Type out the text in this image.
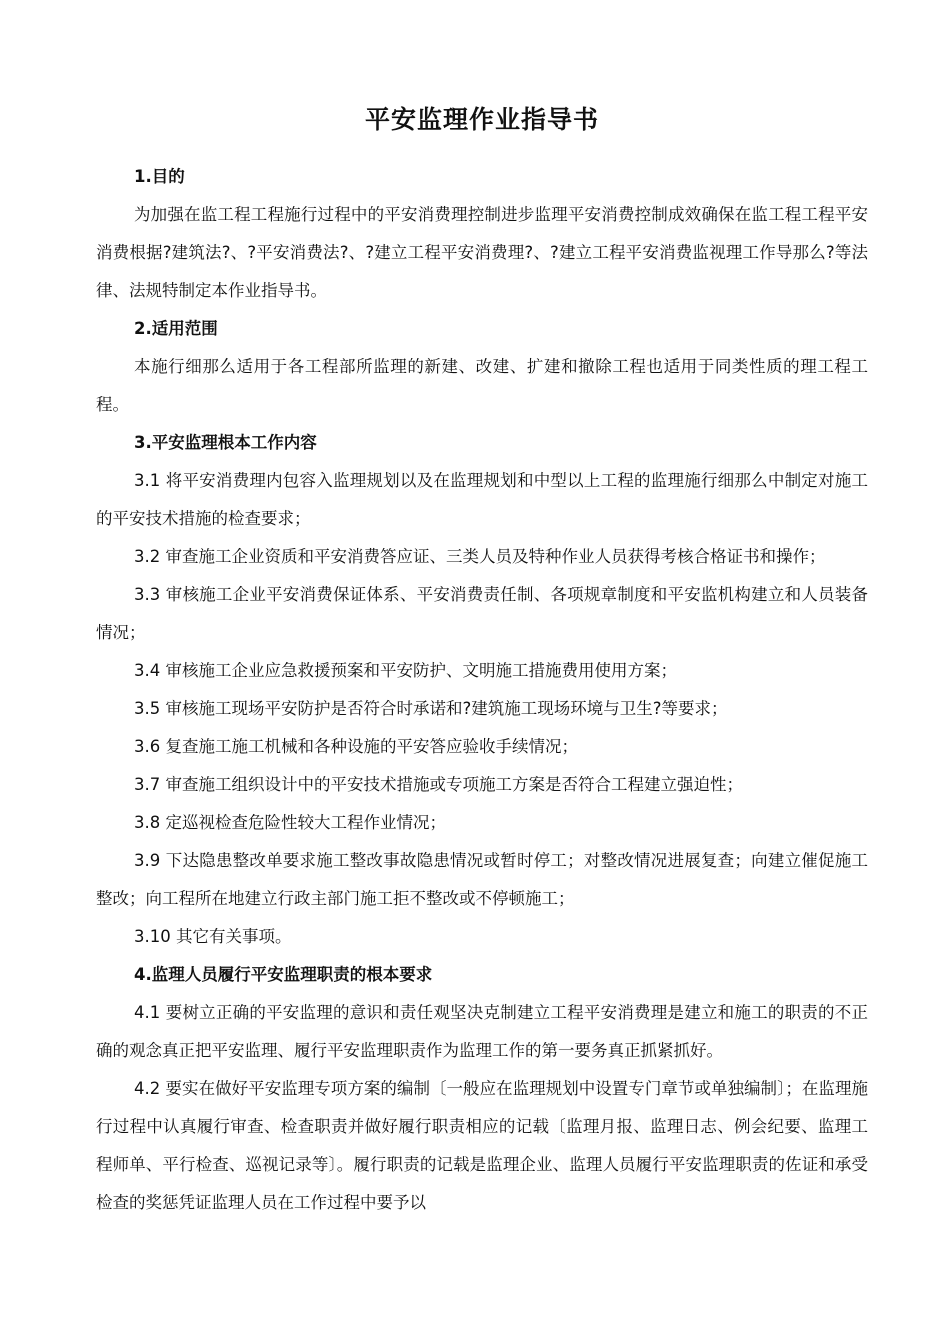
平安监理作业指导书

1.目的

为加强在监工程工程施行过程中的平安消费理控制进步监理平安消费控制成效确保在监工程工程平安消费根据?建筑法?、?平安消费法?、?建立工程平安消费理?、?建立工程平安消费监视理工作导那么?等法律、法规特制定本作业指导书。

2.适用范围

本施行细那么适用于各工程部所监理的新建、改建、扩建和撤除工程也适用于同类性质的理工程工程。

3.平安监理根本工作内容

3.1 将平安消费理内包容入监理规划以及在监理规划和中型以上工程的监理施行细那么中制定对施工的平安技术措施的检查要求；

3.2 审查施工企业资质和平安消费答应证、三类人员及特种作业人员获得考核合格证书和操作；

3.3 审核施工企业平安消费保证体系、平安消费责任制、各项规章制度和平安监机构建立和人员装备情况；

3.4 审核施工企业应急救援预案和平安防护、文明施工措施费用使用方案；

3.5 审核施工现场平安防护是否符合时承诺和?建筑施工现场环境与卫生?等要求；

3.6 复查施工施工机械和各种设施的平安答应验收手续情况；

3.7 审查施工组织设计中的平安技术措施或专项施工方案是否符合工程建立强迫性；

3.8 定巡视检查危险性较大工程作业情况；

3.9 下达隐患整改单要求施工整改事故隐患情况或暂时停工；对整改情况进展复查；向建立催促施工整改；向工程所在地建立行政主部门施工拒不整改或不停顿施工；

3.10 其它有关事项。

4.监理人员履行平安监理职责的根本要求

4.1 要树立正确的平安监理的意识和责任观坚决克制建立工程平安消费理是建立和施工的职责的不正确的观念真正把平安监理、履行平安监理职责作为监理工作的第一要务真正抓紧抓好。

4.2 要实在做好平安监理专项方案的编制〔一般应在监理规划中设置专门章节或单独编制〕；在监理施行过程中认真履行审查、检查职责并做好履行职责相应的记载〔监理月报、监理日志、例会纪要、监理工程师单、平行检查、巡视记录等〕。履行职责的记载是监理企业、监理人员履行平安监理职责的佐证和承受检查的奖惩凭证监理人员在工作过程中要予以
